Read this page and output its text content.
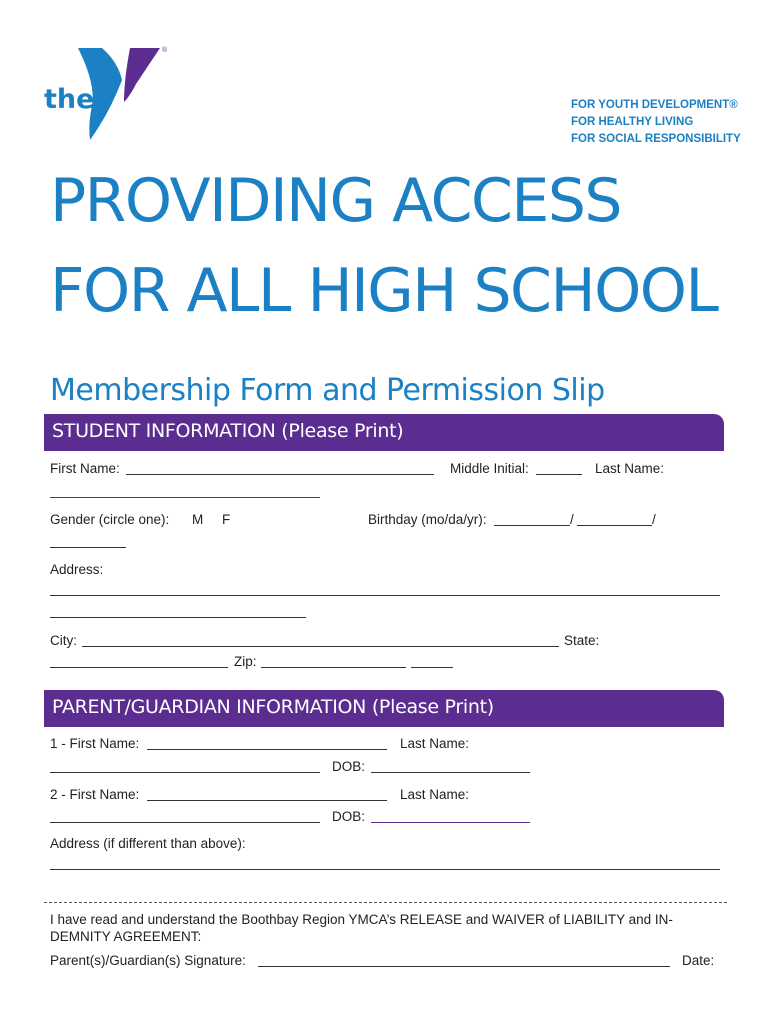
®
YMCA
the	FOR YOUTH DEVELOPMENT®
FOR HEALTHY LIVING
FOR SOCIAL RESPONSIBILITY
PROVIDING ACCESS
FOR ALL HIGH SCHOOL
Membership Form and Permission Slip
STUDENT INFORMATION (Please Print)
First Name:	Middle Initial:	Last Name:
Gender (circle one): M F	Birthday (mo/da/yr):	/	/
Address:
City:	State:
Zip:
PARENT/GUARDIAN INFORMATION (Please Print)
1 - First Name:	Last Name:
DOB:
2 - First Name:	Last Name:
DOB:
Address (if different than above):
I have read and understand the Boothbay Region YMCA’s RELEASE and WAIVER of LIABILITY and IN-
DEMNITY AGREEMENT:
Parent(s)/Guardian(s) Signature:	Date:
